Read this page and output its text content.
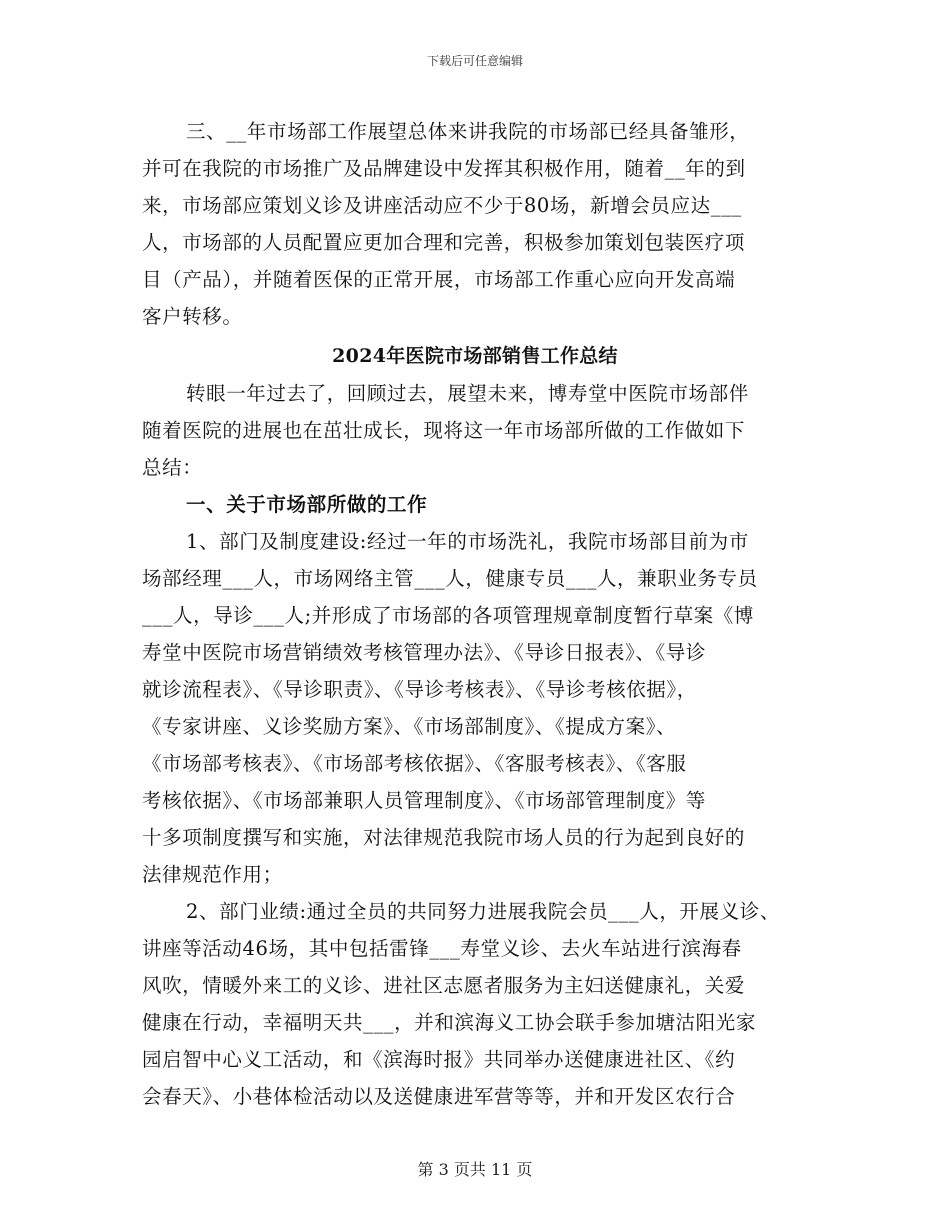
下载后可任意编辑
三、__年市场部工作展望总体来讲我院的市场部已经具备雏形，
并可在我院的市场推广及品牌建设中发挥其积极作用，随着__年的到
来，市场部应策划义诊及讲座活动应不少于80场，新增会员应达___
人，市场部的人员配置应更加合理和完善，积极参加策划包装医疗项
目（产品），并随着医保的正常开展，市场部工作重心应向开发高端
客户转移。
2024年医院市场部销售工作总结
转眼一年过去了，回顾过去，展望未来，博寿堂中医院市场部伴
随着医院的进展也在茁壮成长，现将这一年市场部所做的工作做如下
总结：
一、关于市场部所做的工作
1、部门及制度建设:经过一年的市场洗礼，我院市场部目前为市
场部经理___人，市场网络主管___人，健康专员___人，兼职业务专员
___人，导诊___人;并形成了市场部的各项管理规章制度暂行草案《博
寿堂中医院市场营销绩效考核管理办法》、《导诊日报表》、《导诊
就诊流程表》、《导诊职责》、《导诊考核表》、《导诊考核依据》，
《专家讲座、义诊奖励方案》、《市场部制度》、《提成方案》、
《市场部考核表》、《市场部考核依据》、《客服考核表》、《客服
考核依据》、《市场部兼职人员管理制度》、《市场部管理制度》等
十多项制度撰写和实施，对法律规范我院市场人员的行为起到良好的
法律规范作用；
2、部门业绩:通过全员的共同努力进展我院会员___人，开展义诊、
讲座等活动46场，其中包括雷锋___寿堂义诊、去火车站进行滨海春
风吹，情暖外来工的义诊、进社区志愿者服务为主妇送健康礼，关爱
健康在行动，幸福明天共___，并和滨海义工协会联手参加塘沽阳光家
园启智中心义工活动，和《滨海时报》共同举办送健康进社区、《约
会春天》、小巷体检活动以及送健康进军营等等，并和开发区农行合
第 3 页共 11 页
